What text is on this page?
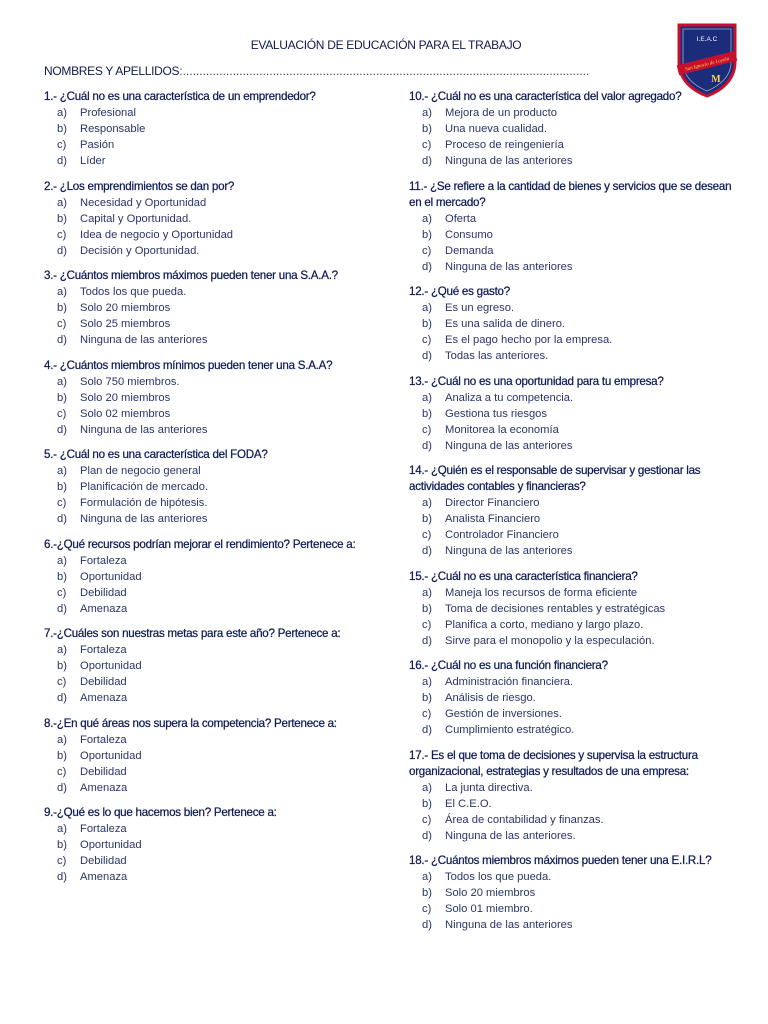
EVALUACIÓN DE EDUCACIÓN PARA EL TRABAJO
NOMBRES Y APELLIDOS:..........................................................................................................................
I.E.A.C
San Ignacio de Loyola
M
1.- ¿Cuál no es una característica de un emprendedor?
a)	Profesional
b)	Responsable
c)	Pasión
d)	Líder
2.- ¿Los emprendimientos se dan por?
a)	Necesidad y Oportunidad
b)	Capital y Oportunidad.
c)	Idea de negocio y Oportunidad
d)	Decisión y Oportunidad.
3.- ¿Cuántos miembros máximos pueden tener una S.A.A.?
a)	Todos los que pueda.
b)	Solo 20 miembros
c)	Solo 25 miembros
d)	Ninguna de las anteriores
4.- ¿Cuántos miembros mínimos pueden tener una S.A.A?
a)	Solo 750 miembros.
b)	Solo 20 miembros
c)	Solo 02 miembros
d)	Ninguna de las anteriores
5.- ¿Cuál no es una característica del FODA?
a)	Plan de negocio general
b)	Planificación de mercado.
c)	Formulación de hipótesis.
d)	Ninguna de las anteriores
6.-¿Qué recursos podrían mejorar el rendimiento? Pertenece a:
a)	Fortaleza
b)	Oportunidad
c)	Debilidad
d)	Amenaza
7.-¿Cuáles son nuestras metas para este año? Pertenece a:
a)	Fortaleza
b)	Oportunidad
c)	Debilidad
d)	Amenaza
8.-¿En qué áreas nos supera la competencia? Pertenece a:
a)	Fortaleza
b)	Oportunidad
c)	Debilidad
d)	Amenaza
9.-¿Qué es lo que hacemos bien? Pertenece a:
a)	Fortaleza
b)	Oportunidad
c)	Debilidad
d)	Amenaza
10.- ¿Cuál no es una característica del valor agregado?
a)	Mejora de un producto
b)	Una nueva cualidad.
c)	Proceso de reingeniería
d)	Ninguna de las anteriores
11.- ¿Se refiere a la cantidad de bienes y servicios que se desean en el mercado?
a)	Oferta
b)	Consumo
c)	Demanda
d)	Ninguna de las anteriores
12.- ¿Qué es gasto?
a)	Es un egreso.
b)	Es una salida de dinero.
c)	Es el pago hecho por la empresa.
d)	Todas las anteriores.
13.- ¿Cuál no es una oportunidad para tu empresa?
a)	Analiza a tu competencia.
b)	Gestiona tus riesgos
c)	Monitorea la economía
d)	Ninguna de las anteriores
14.- ¿Quién es el responsable de supervisar y gestionar las actividades contables y financieras?
a)	Director Financiero
b)	Analista Financiero
c)	Controlador Financiero
d)	Ninguna de las anteriores
15.- ¿Cuál no es una característica financiera?
a)	Maneja los recursos de forma eficiente
b)	Toma de decisiones rentables y estratégicas
c)	Planifica a corto, mediano y largo plazo.
d)	Sirve para el monopolio y la especulación.
16.- ¿Cuál no es una función financiera?
a)	Administración financiera.
b)	Análisis de riesgo.
c)	Gestión de inversiones.
d)	Cumplimiento estratégico.
17.- Es el que toma de decisiones y supervisa la estructura organizacional, estrategias y resultados de una empresa:
a)	La junta directiva.
b)	El C.E.O.
c)	Área de contabilidad y finanzas.
d)	Ninguna de las anteriores.
18.- ¿Cuántos miembros máximos pueden tener una E.I.R.L?
a)	Todos los que pueda.
b)	Solo 20 miembros
c)	Solo 01 miembro.
d)	Ninguna de las anteriores
